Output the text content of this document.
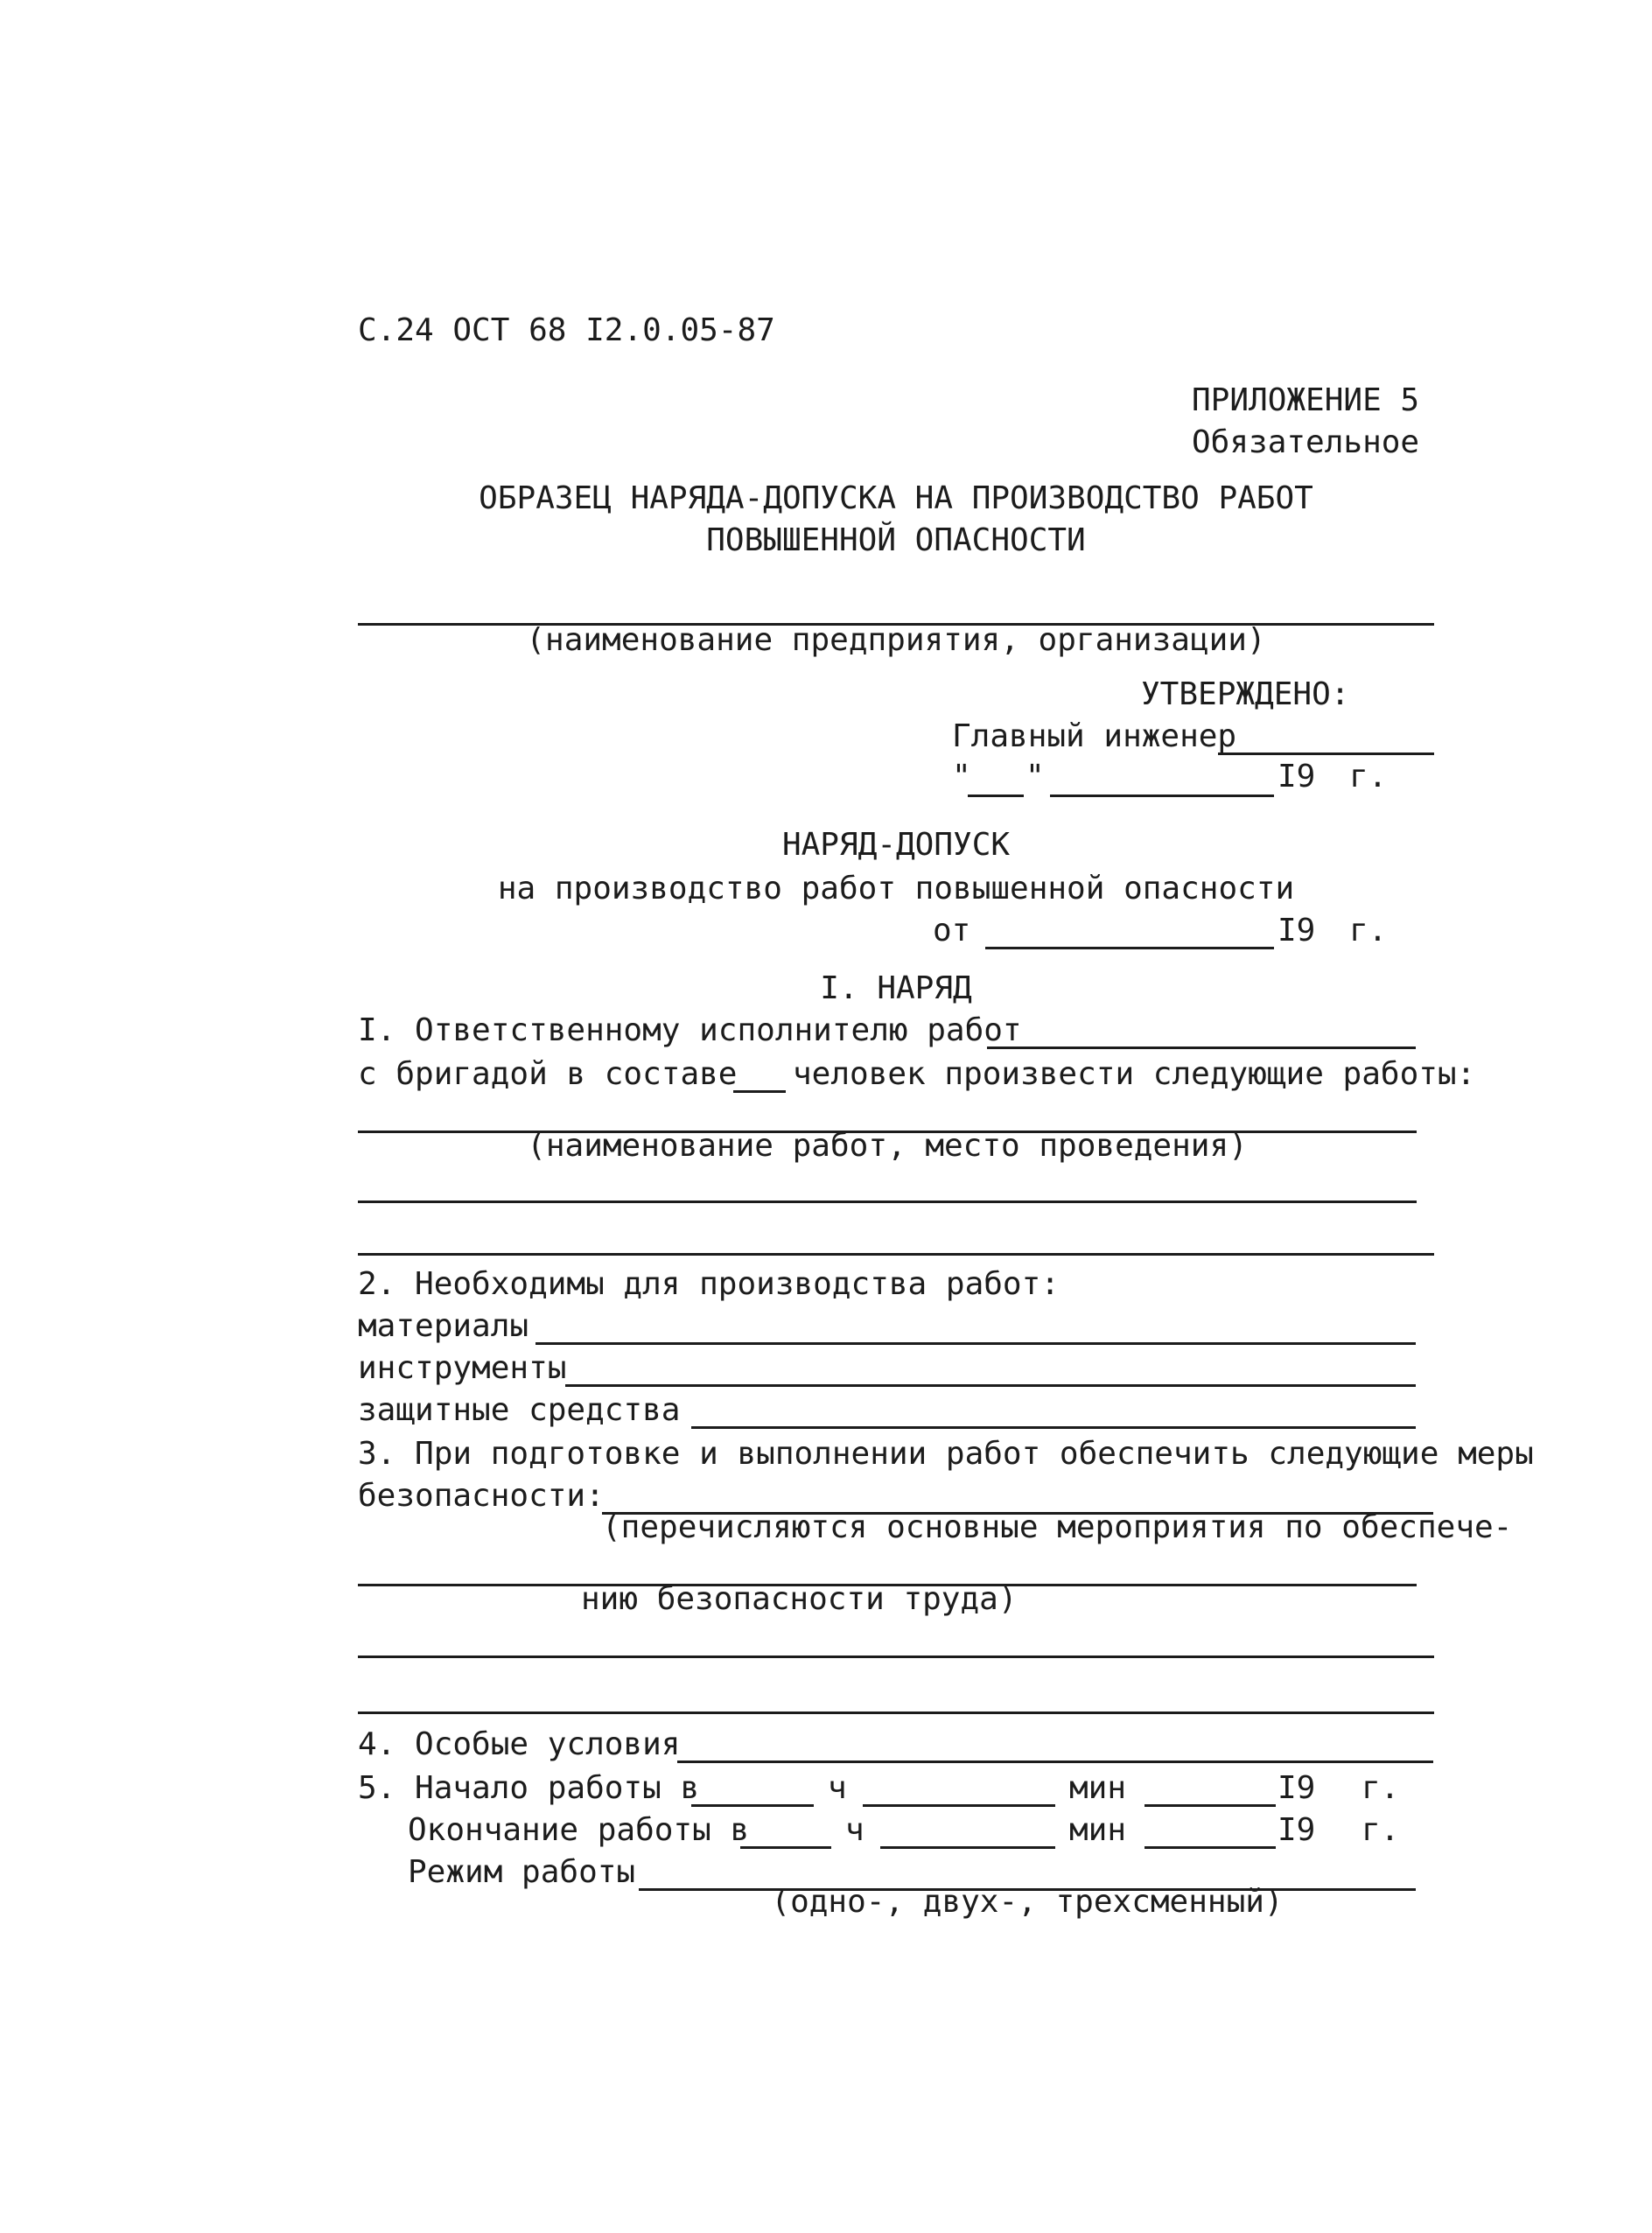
С.24 ОСТ 68 I2.0.05-87
ПРИЛОЖЕНИЕ 5
Обязательное
ОБРАЗЕЦ НАРЯДА-ДОПУСКА НА ПРОИЗВОДСТВО РАБОТ
ПОВЫШЕННОЙ ОПАСНОСТИ
(наименование предприятия, организации)
УТВЕРЖДЕНО:
Главный инженер
" "	I9 г.
НАРЯД-ДОПУСК
на производство работ повышенной опасности
от	I9 г.
I. НАРЯД
I. Ответственному исполнителю работ
с бригадой в составе человек произвести следующие работы:
(наименование работ, место проведения)
2. Необходимы для производства работ:
материалы
инструменты
защитные средства
3. При подготовке и выполнении работ обеспечить следующие меры
безопасности:
(перечисляются основные мероприятия по обеспече-
нию безопасности труда)
4. Особые условия
5. Начало работы в	ч	мин	I9 г.
Окончание работы в	ч	мин	I9 г.
Режим работы
(одно-, двух-, трехсменный)
